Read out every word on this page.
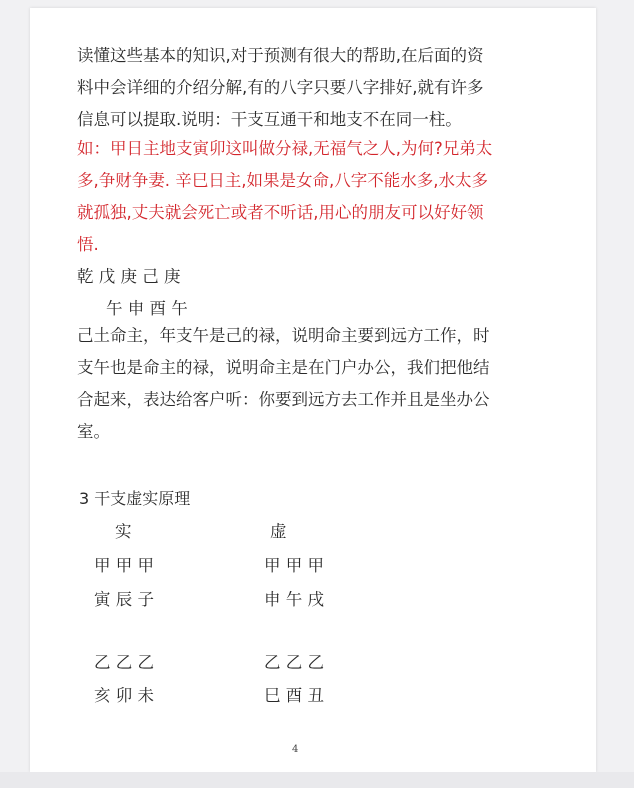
读懂这些基本的知识,对于预测有很大的帮助,在后面的资
料中会详细的介绍分解,有的八字只要八字排好,就有许多
信息可以提取.说明：干支互通干和地支不在同一柱。
如：甲日主地支寅卯这叫做分禄,无福气之人,为何?兄弟太
多,争财争妻. 辛巳日主,如果是女命,八字不能水多,水太多
就孤独,丈夫就会死亡或者不听话,用心的朋友可以好好领
悟.
乾 戊 庚 己 庚
午 申 酉 午
己土命主，年支午是己的禄，说明命主要到远方工作，时
支午也是命主的禄，说明命主是在门户办公，我们把他结
合起来，表达给客户听：你要到远方去工作并且是坐办公
室。
3 干支虚实原理
实	虚
甲 甲 甲
寅 辰 子
乙 乙 乙
亥 卯 未
甲 甲 甲
申 午 戌
乙 乙 乙
巳 酉 丑
4
